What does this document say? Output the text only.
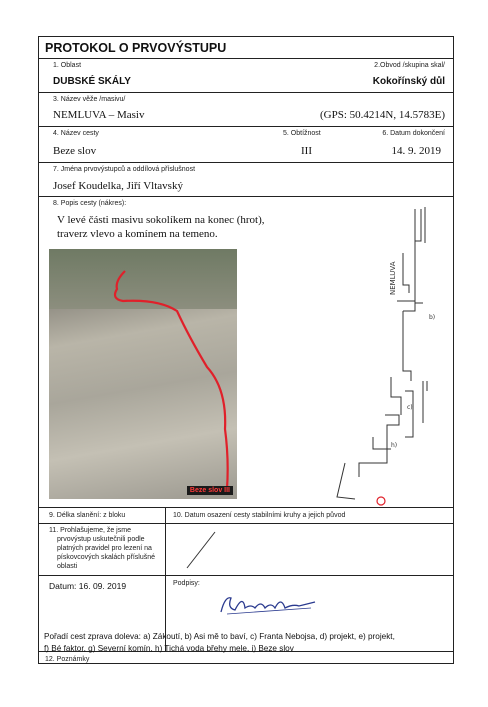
PROTOKOL O PRVOVÝSTUPU
1. Oblast
DUBSKÉ SKÁLY
2.Obvod /skupina skal/
Kokořínský důl
3. Název věže /masivu/
NEMLUVA – Masiv	(GPS: 50.4214N, 14.5783E)
4. Název cesty
Beze slov
5. Obtížnost
III
6. Datum dokončení
14. 9. 2019
7. Jména prvovýstupců a oddílová příslušnost
Josef Koudelka, Jiří Vltavský
8. Popis cesty (nákres):
V levé části masivu sokolíkem na konec (hrot),
traverz vlevo a komínem na temeno.
Beze slov III
NEMLUVA
b)
c)
h)
9. Délka slanění: z bloku	10. Datum osazení cesty stabilními kruhy a jejich původ
11. Prohlašujeme, že jsme
prvovýstup uskutečnili podle
platných pravidel pro lezení na
pískovcových skalách příslušné
oblasti
Datum: 16. 09. 2019	Podpisy:
12. Poznámky
Pořadí cest zprava doleva: a) Zákoutí, b) Asi mě to baví, c) Franta Nebojsa, d) projekt, e) projekt,
f) Bé faktor, g) Severní komín, h) Tichá voda břehy mele, i) Beze slov
